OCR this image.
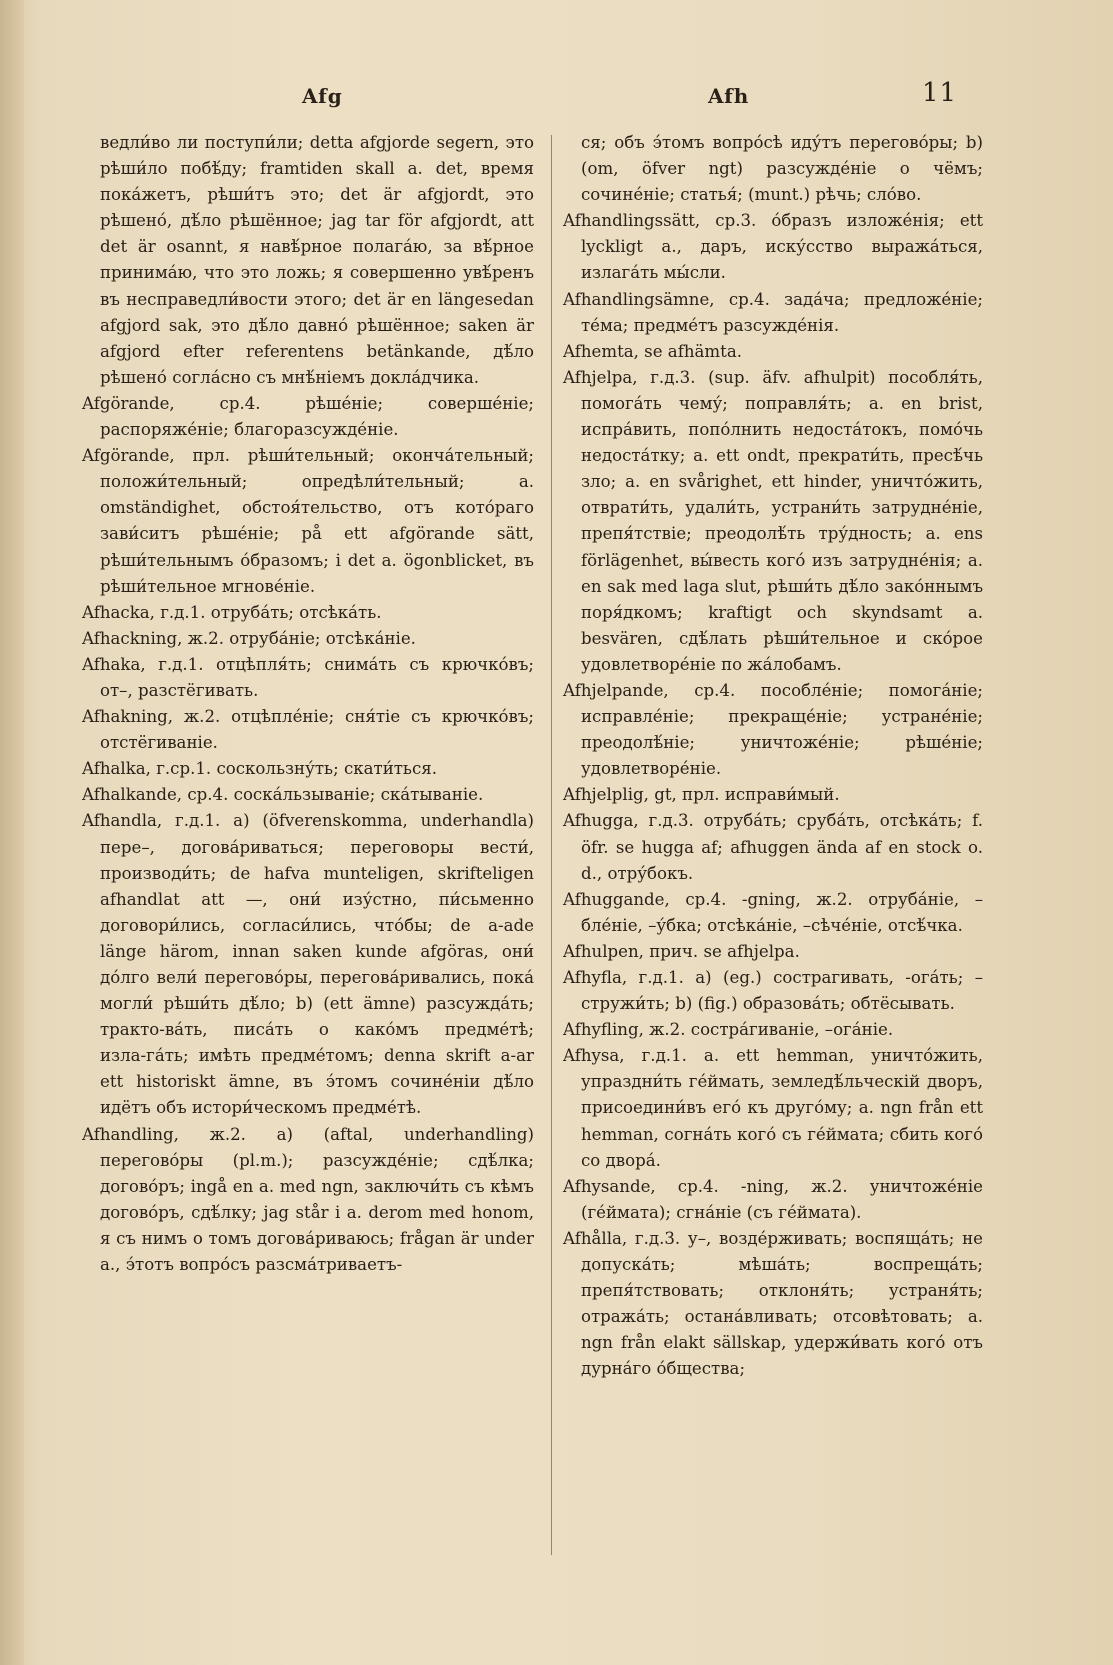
Afg	Afh	11

ведли́во ли поступи́ли; detta afgjorde segern, это рѣши́ло побѣ́ду; framtiden skall a. det, время пока́жетъ, рѣши́тъ это; det är afgjordt, это рѣшено́, дѣ́ло рѣшённое; jag tar för afgjordt, att det är osannt, я навѣ́рное полага́ю, за вѣ́рное принима́ю, что это ложь; я совершенно увѣ́ренъ въ несправедли́вости этого; det är en längesedan afgjord sak, это дѣ́ло давно́ рѣшённое; saken är afgjord efter referentens betänkande, дѣ́ло рѣшено́ согла́сно съ мнѣ́ніемъ докла́дчика.

Afgörande, ср.4. рѣше́ніе; соверше́ніе; распоряже́ніе; благоразсужде́ніе.

Afgörande, прл. рѣши́тельный; оконча́тельный; положи́тельный; опредѣли́тельный; a. omständighet, обстоя́тельство, отъ кото́раго зави́ситъ рѣше́ніе; på ett afgörande sätt, рѣши́тельнымъ о́бразомъ; i det a. ögonblicket, въ рѣши́тельное мгнове́ніе.

Afhacka, г.д.1. отруба́ть; отсѣка́ть.

Afhackning, ж.2. отруба́ніе; отсѣка́ніе.

Afhaka, г.д.1. отцѣпля́ть; снима́ть съ крючко́въ; от–, разстёгивать.

Afhakning, ж.2. отцѣпле́ніе; сня́тіе съ крючко́въ; отстёгиваніе.

Afhalka, г.ср.1. соскользну́ть; скати́ться.

Afhalkande, ср.4. соска́льзываніе; ска́тываніе.

Afhandla, г.д.1. a) (öfverenskomma, underhandla) пере–, догова́риваться; переговоры вести́, производи́ть; de hafva munteligen, skrifteligen afhandlat att —, они́ изу́стно, пи́сьменно договори́лись, согласи́лись, что́бы; de a-ade länge härom, innan saken kunde afgöras, они́ до́лго вели́ перегово́ры, перегова́ривались, пока́ могли́ рѣши́ть дѣ́ло; b) (ett ämne) разсужда́ть; тракто‑ва́ть, писа́ть о како́мъ предме́тѣ; изла‑га́ть; имѣть предме́томъ; denna skrift a-ar ett historiskt ämne, въ э́томъ сочине́ніи дѣ́ло идётъ объ истори́ческомъ предме́тѣ.

Afhandling, ж.2. a) (aftal, underhandling) перегово́ры (pl.m.); разсужде́ніе; сдѣ́лка; догово́ръ; ingå en a. med ngn, заключи́ть съ кѣмъ догово́ръ, сдѣ́лку; jag står i a. derom med honom, я съ нимъ о томъ догова́риваюсь; frågan är under a., э́тотъ вопро́съ разсма́триваетъ‑

ся; объ э́томъ вопро́сѣ иду́тъ перегово́ры; b) (om, öfver ngt) разсужде́ніе о чёмъ; сочине́ніе; статья́; (munt.) рѣчь; сло́во.

Afhandlingssätt, ср.3. о́бразъ изложе́нія; ett lyckligt a., даръ, иску́сство выража́ться, излага́ть мы́сли.

Afhandlingsämne, ср.4. зада́ча; предложе́ніе; те́ма; предме́тъ разсужде́нія.

Afhemta, se afhämta.

Afhjelpa, г.д.3. (sup. äfv. afhulpit) пособля́ть, помога́ть чему́; поправля́ть; a. en brist, испра́вить, попо́лнить недоста́токъ, помо́чь недоста́тку; a. ett ondt, прекрати́ть, пресѣ́чь зло; a. en svårighet, ett hinder, уничто́жить, отврати́ть, удали́ть, устрани́ть затрудне́ніе, препя́тствіе; преодолѣ́ть тру́дность; a. ens förlägenhet, вы́весть кого́ изъ затрудне́нія; a. en sak med laga slut, рѣши́ть дѣ́ло зако́ннымъ поря́дкомъ; kraftigt och skyndsamt a. besvären, сдѣ́лать рѣши́тельное и ско́рое удовлетворе́ніе по жа́лобамъ.

Afhjelpande, ср.4. пособле́ніе; помога́ніе; исправле́ніе; прекраще́ніе; устране́ніе; преодолѣ́ніе; уничтоже́ніе; рѣше́ніе; удовлетворе́ніе.

Afhjelplig, gt, прл. исправи́мый.

Afhugga, г.д.3. отруба́ть; сруба́ть, отсѣка́ть; f. öfr. se hugga af; afhuggen ända af en stock o. d., отру́бокъ.

Afhuggande, ср.4. -gning, ж.2. отруба́ніе, –бле́ніе, –у́бка; отсѣка́ніе, –сѣче́ніе, отсѣ́чка.

Afhulpen, прич. se afhjelpa.

Afhyfla, г.д.1. a) (eg.) сострагивать, -ога́ть; –стружи́ть; b) (fig.) образова́ть; обтёсывать.

Afhyfling, ж.2. состра́гиваніе, –ога́ніе.

Afhysa, г.д.1. a. ett hemman, уничто́жить, упраздни́ть ге́ймать, земледѣ́льческій дворъ, присоедини́въ его́ къ друго́му; a. ngn från ett hemman, согна́ть кого́ съ ге́ймата; сбить кого́ со двора́.

Afhysande, ср.4. -ning, ж.2. уничтоже́ніе (ге́ймата); сгна́ніе (съ ге́ймата).

Afhålla, г.д.3. у–, возде́рживать; воспяща́ть; не допуска́ть; мѣша́ть; воспреща́ть; препя́тствовать; отклоня́ть; устраня́ть; отража́ть; остана́вливать; отсовѣтовать; a. ngn från elakt sällskap, удержи́вать кого́ отъ дурна́го о́бщества;
